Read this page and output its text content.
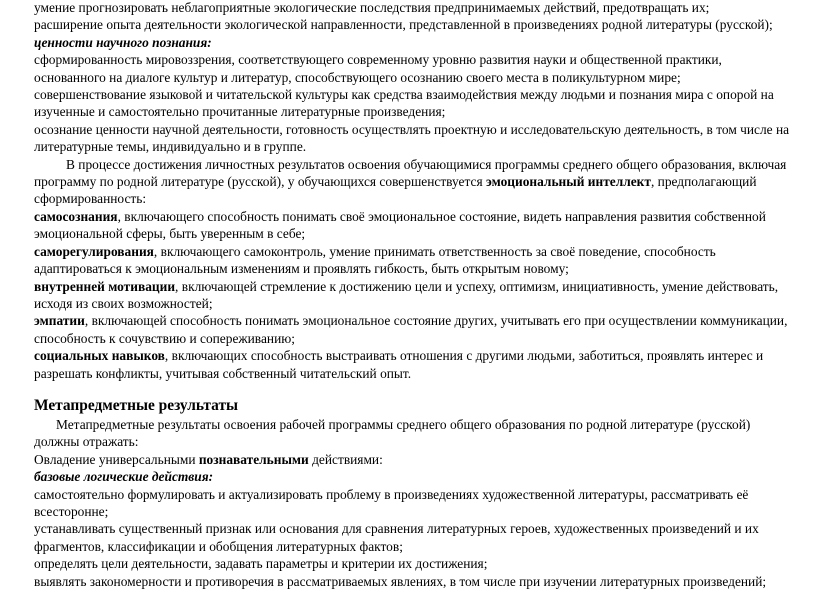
умение прогнозировать неблагоприятные экологические последствия предпринимаемых действий, предотвращать их;

расширение опыта деятельности экологической направленности, представленной в произведениях родной литературы (русской);

ценности научного познания:

сформированность мировоззрения, соответствующего современному уровню развития науки и общественной практики, основанного на диалоге культур и литератур, способствующего осознанию своего места в поликультурном мире;

совершенствование языковой и читательской культуры как средства взаимодействия между людьми и познания мира с опорой на изученные и самостоятельно прочитанные литературные произведения;

осознание ценности научной деятельности, готовность осуществлять проектную и исследовательскую деятельность, в том числе на литературные темы, индивидуально и в группе.

В процессе достижения личностных результатов освоения обучающимися программы среднего общего образования, включая программу по родной литературе (русской), у обучающихся совершенствуется эмоциональный интеллект, предполагающий сформированность:

самосознания, включающего способность понимать своё эмоциональное состояние, видеть направления развития собственной эмоциональной сферы, быть уверенным в себе;

саморегулирования, включающего самоконтроль, умение принимать ответственность за своё поведение, способность адаптироваться к эмоциональным изменениям и проявлять гибкость, быть открытым новому;

внутренней мотивации, включающей стремление к достижению цели и успеху, оптимизм, инициативность, умение действовать, исходя из своих возможностей;

эмпатии, включающей способность понимать эмоциональное состояние других, учитывать его при осуществлении коммуникации, способность к сочувствию и сопереживанию;

социальных навыков, включающих способность выстраивать отношения с другими людьми, заботиться, проявлять интерес и разрешать конфликты, учитывая собственный читательский опыт.

Метапредметные результаты

Метапредметные результаты освоения рабочей программы среднего общего образования по родной литературе (русской) должны отражать:

Овладение универсальными познавательными действиями:

базовые логические действия:

самостоятельно формулировать и актуализировать проблему в произведениях художественной литературы, рассматривать её всесторонне;

устанавливать существенный признак или основания для сравнения литературных героев, художественных произведений и их фрагментов, классификации и обобщения литературных фактов;

определять цели деятельности, задавать параметры и критерии их достижения;

выявлять закономерности и противоречия в рассматриваемых явлениях, в том числе при изучении литературных произведений;
